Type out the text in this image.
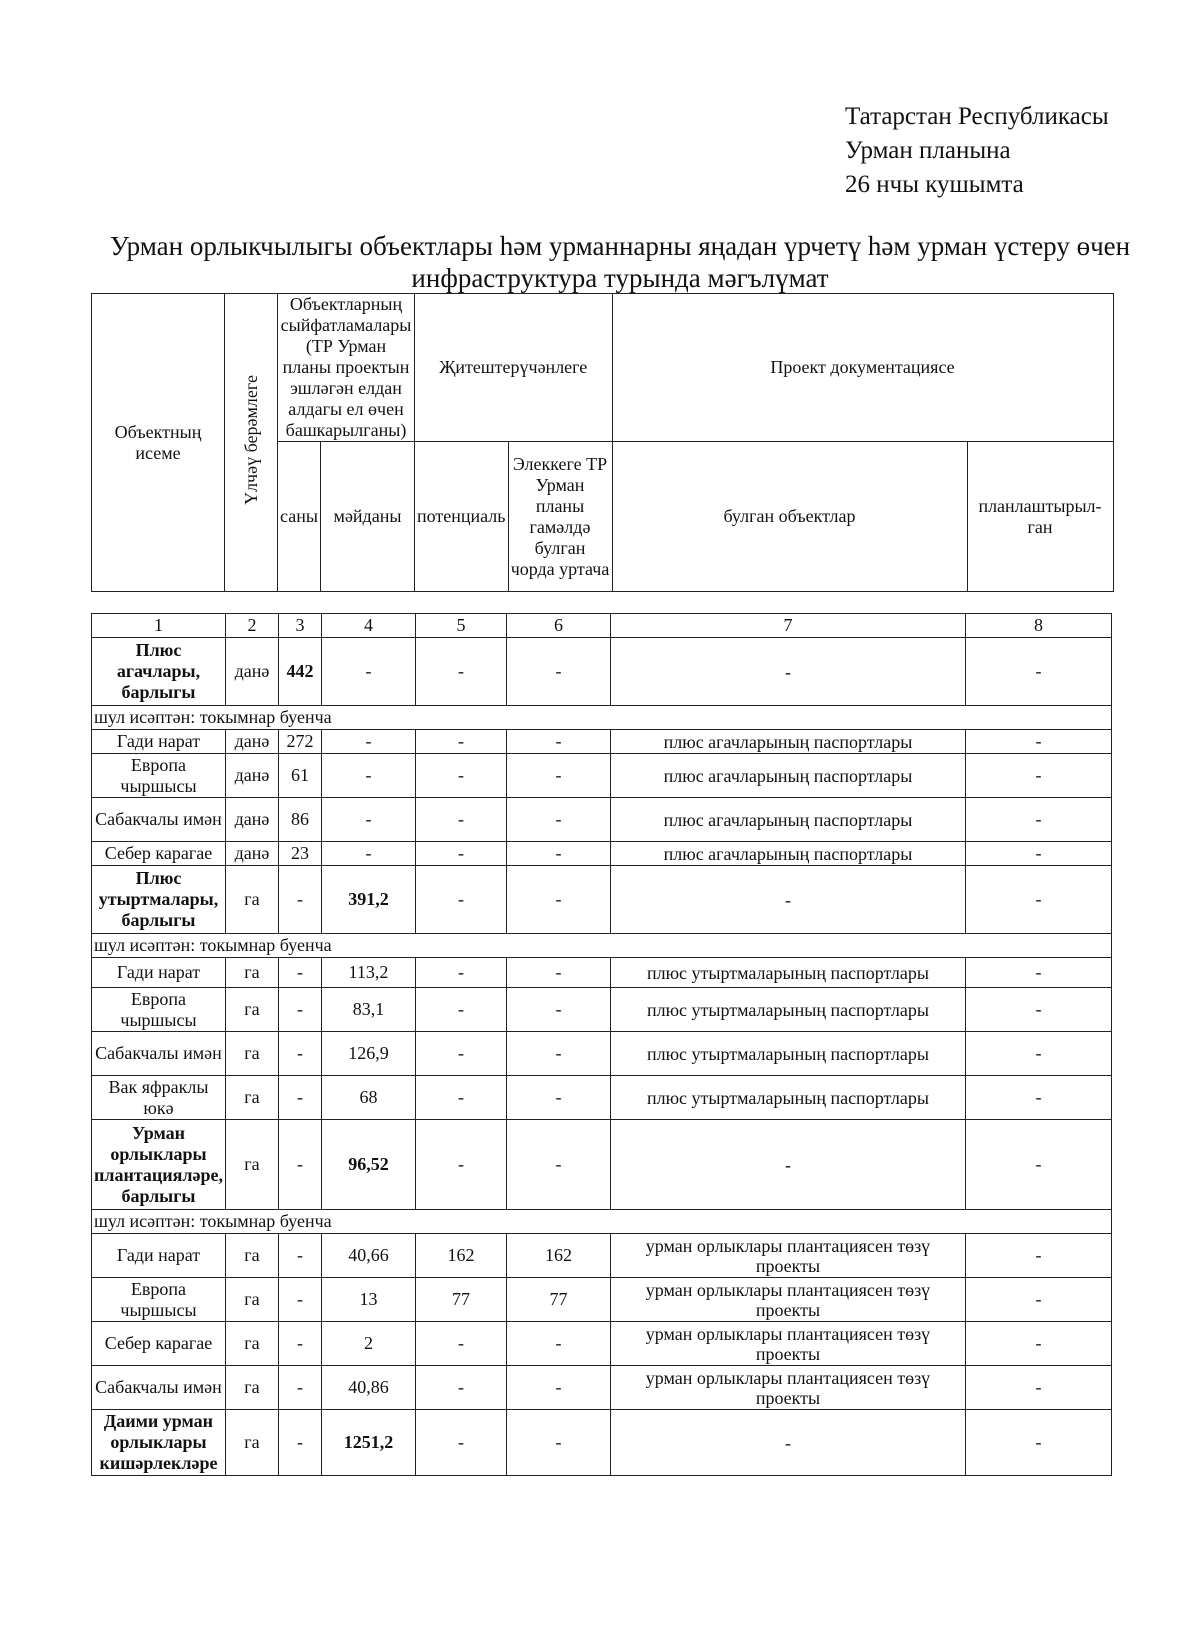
Татарстан Республикасы
Урман планына
26 нчы кушымта
Урман орлыкчылыгы объектлары һәм урманнарны яңадан үрчетү һәм урман үстеру өчен инфраструктура турында мәгълүмат
Объектның исеме	Үлчәү берәмлеге	Объектларның сыйфатламалары (ТР Урман планы проектын эшләгән елдан алдагы ел өчен башкарылганы)		Җитештерүчәнлеге		Проект документациясе	
		саны	мәйданы	потенциаль	Элеккеге ТР Урман планы гамәлдә булган чорда уртача	булган объектлар	планлаштырыл-ган
1	2	3	4	5	6	7	8
Плюс агачлары, барлыгы	данә	442	-	-	-	-	-
шул исәптән: токымнар буенча							
Гади нарат	данә	272	-	-	-	плюс агачларының паспортлары	-
Европа чыршысы	данә	61	-	-	-	плюс агачларының паспортлары	-
Сабакчалы имән	данә	86	-	-	-	плюс агачларының паспортлары	-
Себер карагае	данә	23	-	-	-	плюс агачларының паспортлары	-
Плюс утыртмалары, барлыгы	га	-	391,2	-	-	-	-
шул исәптән: токымнар буенча							
Гади нарат	га	-	113,2	-	-	плюс утыртмаларының паспортлары	-
Европа чыршысы	га	-	83,1	-	-	плюс утыртмаларының паспортлары	-
Сабакчалы имән	га	-	126,9	-	-	плюс утыртмаларының паспортлары	-
Вак яфраклы юкә	га	-	68	-	-	плюс утыртмаларының паспортлары	-
Урман орлыклары плантацияләре, барлыгы	га	-	96,52	-	-	-	-
шул исәптән: токымнар буенча							
Гади нарат	га	-	40,66	162	162	урман орлыклары плантациясен төзү проекты	-
Европа чыршысы	га	-	13	77	77	урман орлыклары плантациясен төзү проекты	-
Себер карагае	га	-	2	-	-	урман орлыклары плантациясен төзү проекты	-
Сабакчалы имән	га	-	40,86	-	-	урман орлыклары плантациясен төзү проекты	-
Даими урман орлыклары кишәрлекләре	га	-	1251,2	-	-	-	-
